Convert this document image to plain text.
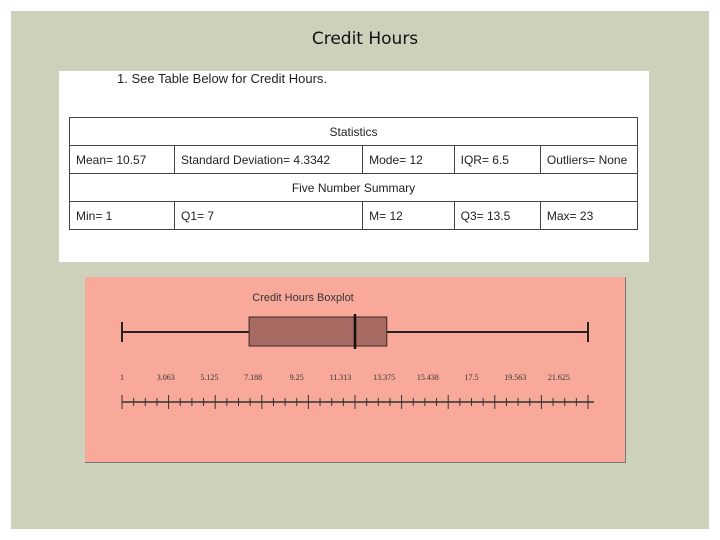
Credit Hours
1. See Table Below for Credit Hours.
Statistics				
Mean= 10.57	Standard Deviation= 4.3342	Mode= 12	IQR= 6.5	Outliers= None
Five Number Summary				
Min= 1	Q1= 7	M= 12	Q3= 13.5	Max= 23
Credit Hours Boxplot
1	3.063	5.125	7.188	9.25	11.313	13.375	15.438	17.5	19.563	21.625
